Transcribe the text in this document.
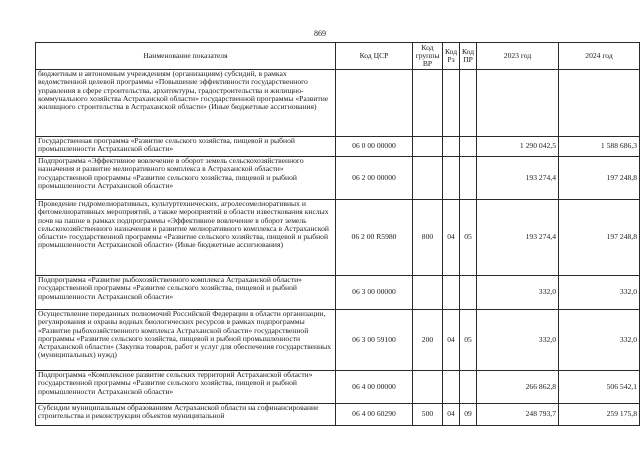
869
Наименование показателя	Код ЦСР	Код группы ВР	Код Рз	Код ПР	2023 год	2024 год
бюджетным и автономным учреждениям (организациям) субсидий, в рамках ведомственной целевой программы «Повышение эффективности государственного управления в сфере строительства, архитектуры, градостроительства и жилищно-коммунального хозяйства Астраханской области» государственной программы «Развитие жилищного строительства в Астраханской области» (Иные бюджетные ассигнования)						
Государственная программа «Развитие сельского хозяйства, пищевой и рыбной промышленности Астраханской области»	06 0 00 00000				1 290 042,5	1 588 686,3
Подпрограмма «Эффективное вовлечение в оборот земель сельскохозяйственного назначения и развитие мелиоративного комплекса в Астраханской области» государственной программы «Развитие сельского хозяйства, пищевой и рыбной промышленности Астраханской области»	06 2 00 00000				193 274,4	197 248,8
Проведение гидромелиоративных, культуртехнических, агролесомелиоративных и фитомелиоративных мероприятий, а также мероприятий в области известкования кислых почв на пашне в рамках подпрограммы «Эффективное вовлечение в оборот земель сельскохозяйственного назначения и развитие мелиоративного комплекса в Астраханской области» государственной программы «Развитие сельского хозяйства, пищевой и рыбной промышленности Астраханской области» (Иные бюджетные ассигнования)	06 2 00 R5980	800	04	05	193 274,4	197 248,8
Подпрограмма «Развитие рыбохозяйственного комплекса Астраханской области» государственной программы «Развитие сельского хозяйства, пищевой и рыбной промышленности Астраханской области»	06 3 00 00000				332,0	332,0
Осуществление переданных полномочий Российской Федерации в области организации, регулирования и охраны водных биологических ресурсов в рамках подпрограммы «Развитие рыбохозяйственного комплекса Астраханской области» государственной программы «Развитие сельского хозяйства, пищевой и рыбной промышленности Астраханской области» (Закупка товаров, работ и услуг для обеспечения государственных (муниципальных) нужд)	06 3 00 59100	200	04	05	332,0	332,0
Подпрограмма «Комплексное развитие сельских территорий Астраханской области» государственной программы «Развитие сельского хозяйства, пищевой и рыбной промышленности Астраханской области»	06 4 00 00000				266 862,8	506 542,1
Субсидии муниципальным образованиям Астраханской области на софинансирование строительства и реконструкции объектов муниципальной	06 4 00 60290	500	04	09	248 793,7	259 175,8
